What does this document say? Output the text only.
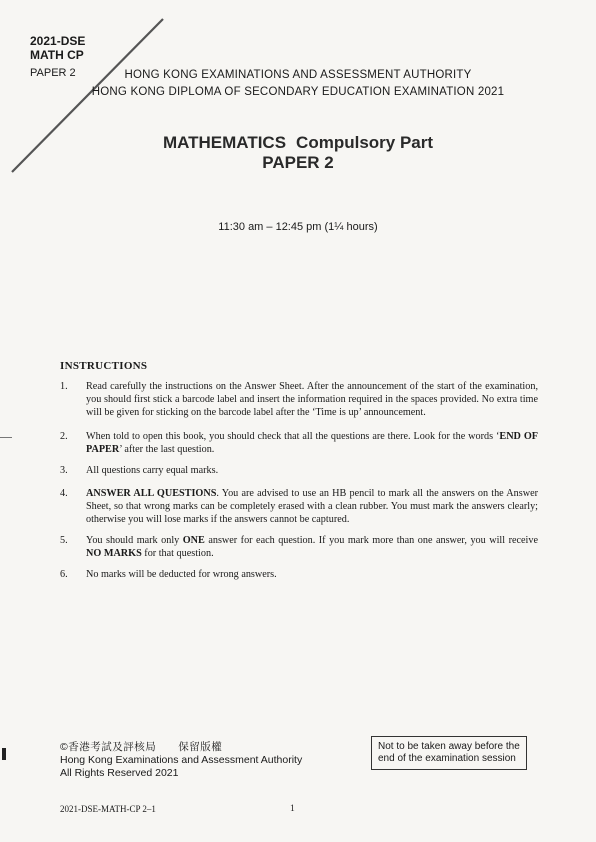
2021-DSE
MATH CP
PAPER 2	HONG KONG EXAMINATIONS AND ASSESSMENT AUTHORITY
HONG KONG DIPLOMA OF SECONDARY EDUCATION EXAMINATION 2021
MATHEMATICS Compulsory Part
PAPER 2
11:30 am – 12:45 pm (1¼ hours)
INSTRUCTIONS
1.	Read carefully the instructions on the Answer Sheet. After the announcement of the start of the examination, you should first stick a barcode label and insert the information required in the spaces provided. No extra time will be given for sticking on the barcode label after the ‘Time is up’ announcement.
2.	When told to open this book, you should check that all the questions are there. Look for the words ‘END OF PAPER’ after the last question.
3.	All questions carry equal marks.
4.	ANSWER ALL QUESTIONS. You are advised to use an HB pencil to mark all the answers on the Answer Sheet, so that wrong marks can be completely erased with a clean rubber. You must mark the answers clearly; otherwise you will lose marks if the answers cannot be captured.
5.	You should mark only ONE answer for each question. If you mark more than one answer, you will receive NO MARKS for that question.
6.	No marks will be deducted for wrong answers.
©香港考試及評核局 保留版權
Hong Kong Examinations and Assessment Authority
All Rights Reserved 2021
Not to be taken away before the
end of the examination session
2021-DSE-MATH-CP 2–1	1
